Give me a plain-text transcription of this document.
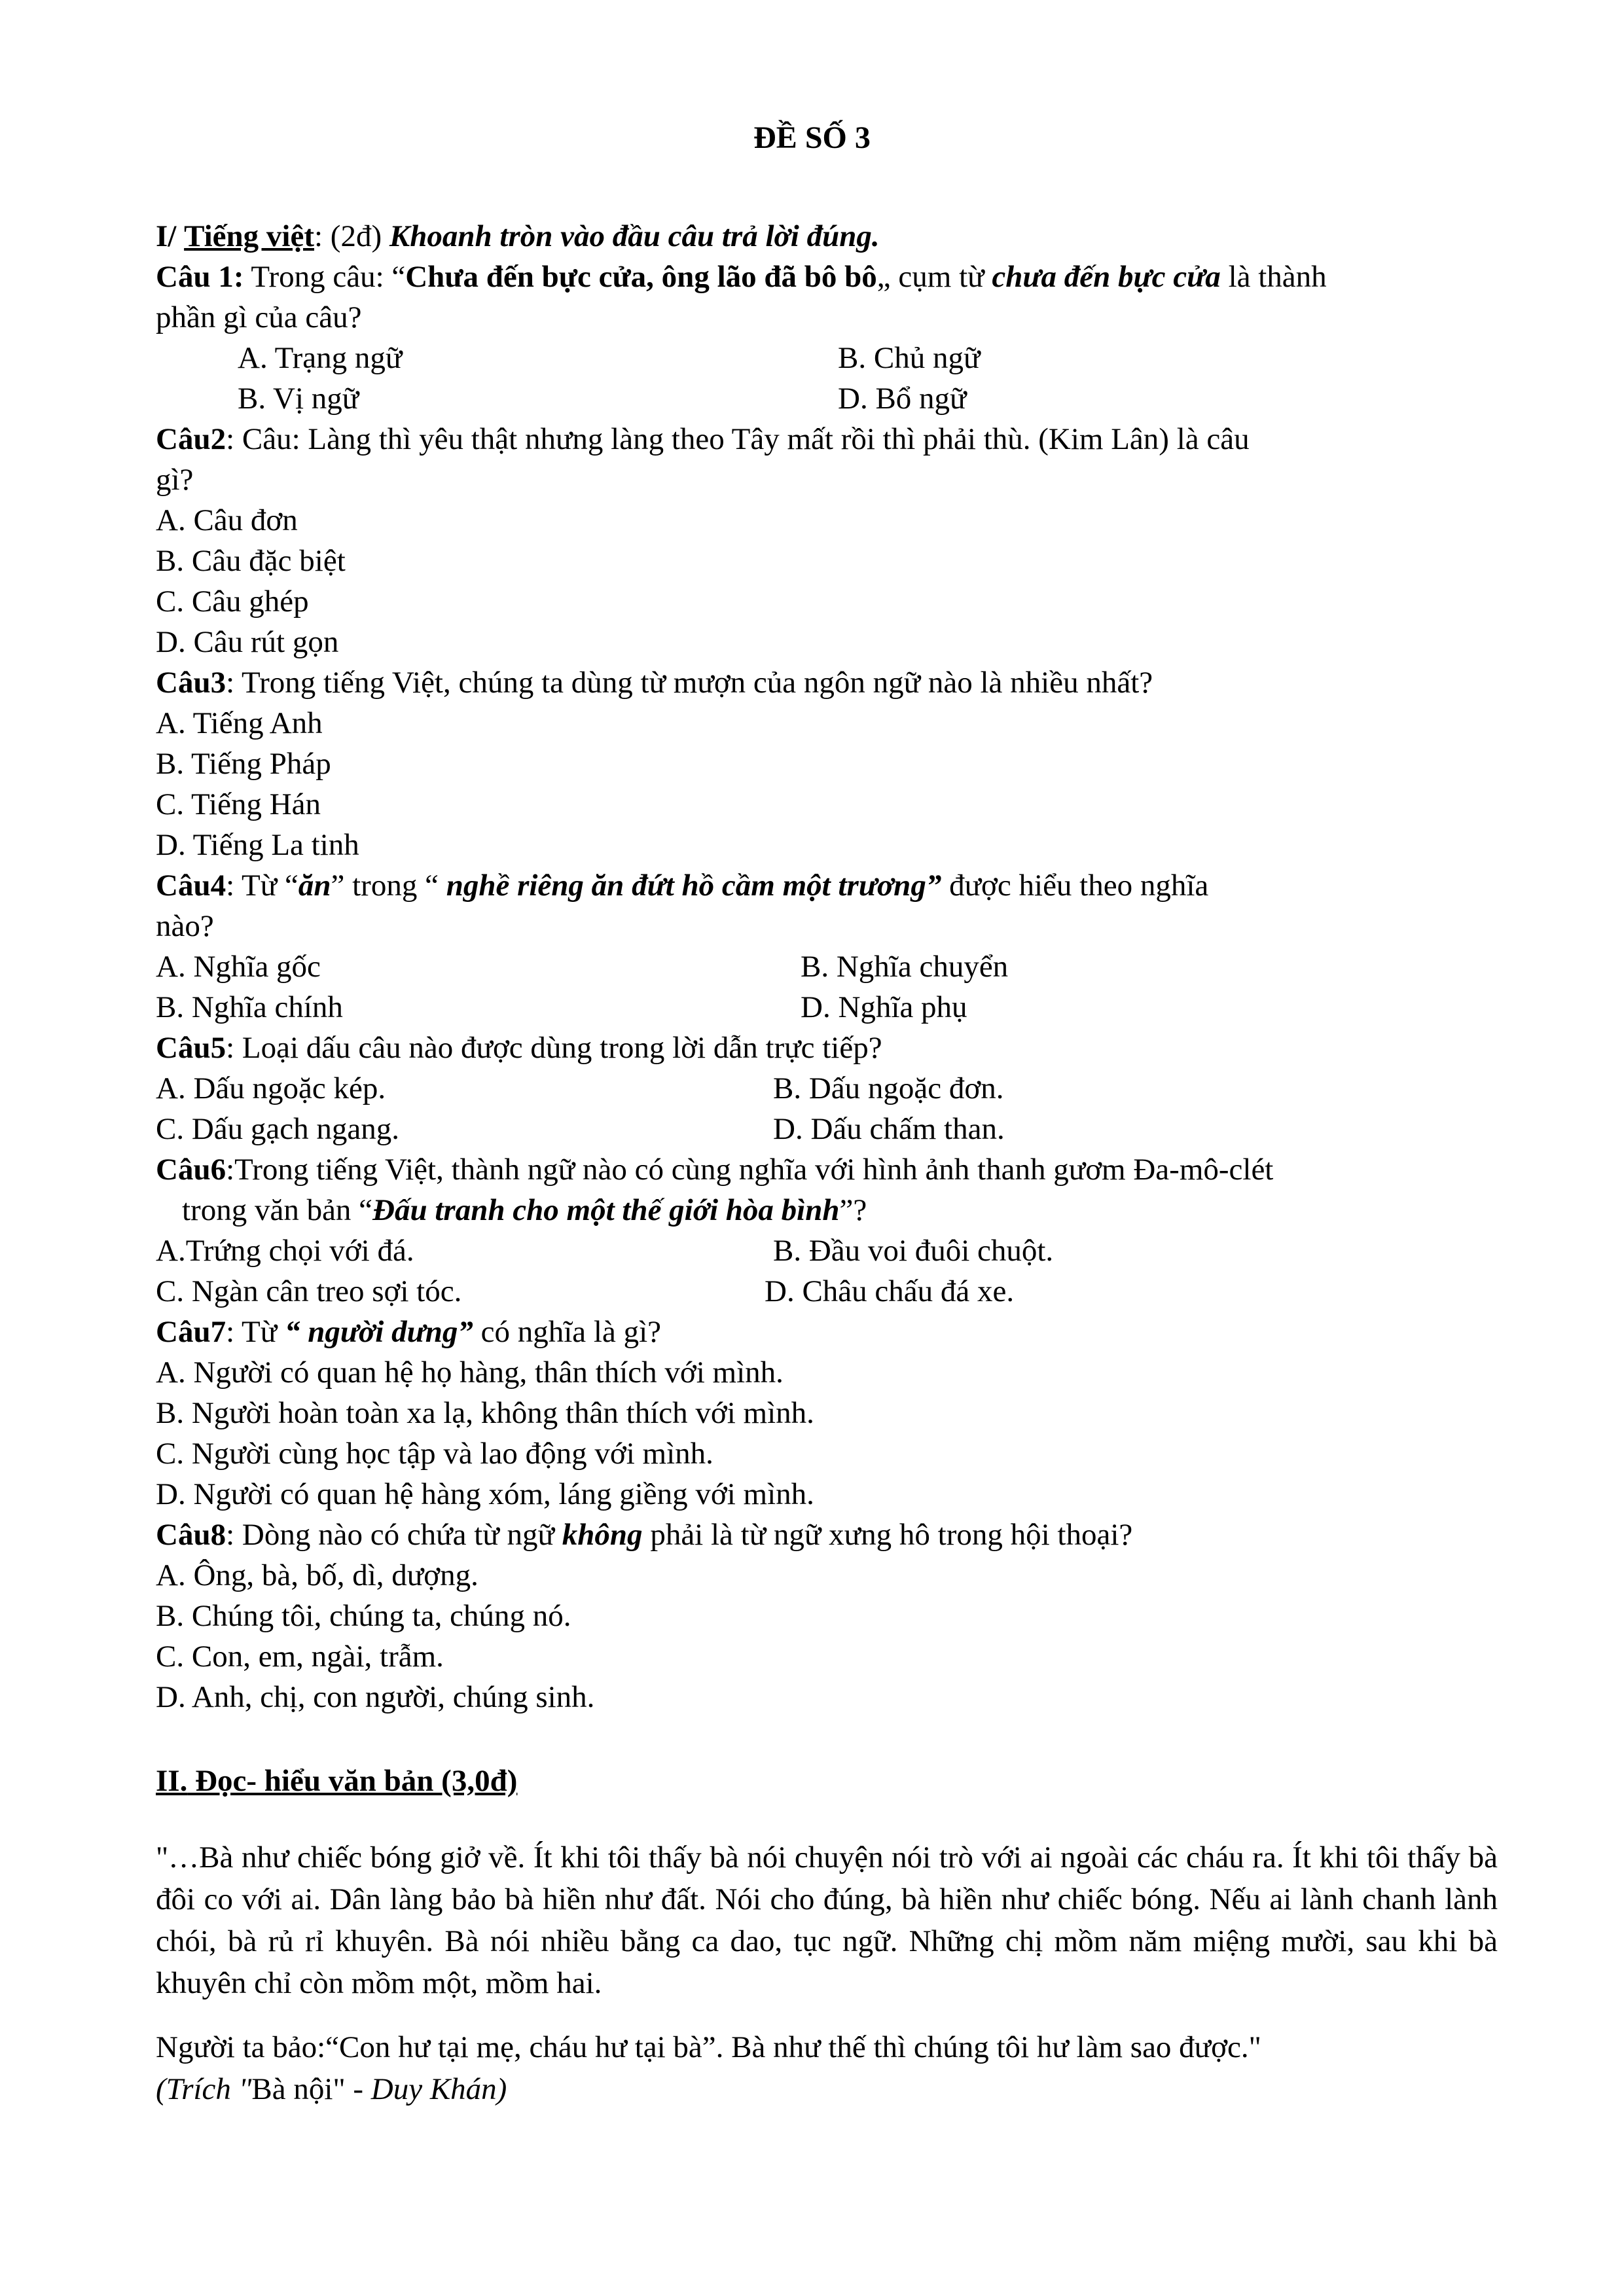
ĐỀ SỐ 3
I/ Tiếng việt: (2đ) Khoanh tròn vào đầu câu trả lời đúng.
Câu 1: Trong câu: “Chưa đến bực cửa, ông lão đã bô bô„ cụm từ chưa đến bực cửa là thành
phần gì của câu?
A. Trạng ngữ	B. Chủ ngữ
B. Vị ngữ	D. Bổ ngữ
Câu2: Câu: Làng thì yêu thật nhưng làng theo Tây mất rồi thì phải thù. (Kim Lân) là câu
gì?
A. Câu đơn
B. Câu đặc biệt
C. Câu ghép
D. Câu rút gọn
Câu3: Trong tiếng Việt, chúng ta dùng từ mượn của ngôn ngữ nào là nhiều nhất?
A. Tiếng Anh
B. Tiếng Pháp
C. Tiếng Hán
D. Tiếng La tinh
Câu4: Từ “ăn” trong “ nghề riêng ăn đứt hồ cầm một trương” được hiểu theo nghĩa
nào?
A. Nghĩa gốc	B. Nghĩa chuyển
B. Nghĩa chính	D. Nghĩa phụ
Câu5: Loại dấu câu nào được dùng trong lời dẫn trực tiếp?
A. Dấu ngoặc kép.	B. Dấu ngoặc đơn.
C. Dấu gạch ngang.	D. Dấu chấm than.
Câu6:Trong tiếng Việt, thành ngữ nào có cùng nghĩa với hình ảnh thanh gươm Đa-mô-clét
trong văn bản “Đấu tranh cho một thế giới hòa bình”?
A.Trứng chọi với đá.	B. Đầu voi đuôi chuột.
C. Ngàn cân treo sợi tóc.	D. Châu chấu đá xe.
Câu7: Từ “ người dưng” có nghĩa là gì?
A. Người có quan hệ họ hàng, thân thích với mình.
B. Người hoàn toàn xa lạ, không thân thích với mình.
C. Người cùng học tập và lao động với mình.
D. Người có quan hệ hàng xóm, láng giềng với mình.
Câu8: Dòng nào có chứa từ ngữ không phải là từ ngữ xưng hô trong hội thoại?
A. Ông, bà, bố, dì, dượng.
B. Chúng tôi, chúng ta, chúng nó.
C. Con, em, ngài, trẫm.
D. Anh, chị, con người, chúng sinh.
II. Đọc- hiểu văn bản (3,0đ)
"…Bà như chiếc bóng giở về. Ít khi tôi thấy bà nói chuyện nói trò với ai ngoài các cháu ra. Ít khi tôi thấy bà đôi co với ai. Dân làng bảo bà hiền như đất. Nói cho đúng, bà hiền như chiếc bóng. Nếu ai lành chanh lành chói, bà rủ rỉ khuyên. Bà nói nhiều bằng ca dao, tục ngữ. Những chị mồm năm miệng mười, sau khi bà khuyên chỉ còn mồm một, mồm hai.
Người ta bảo:“Con hư tại mẹ, cháu hư tại bà”. Bà như thế thì chúng tôi hư làm sao được."
(Trích "Bà nội" - Duy Khán)
